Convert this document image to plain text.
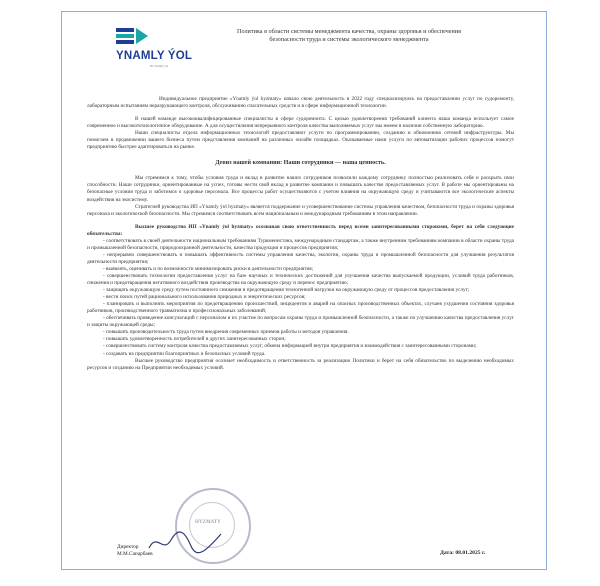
YNAMLY ÝOL
HJ Ynamly ýol
Политика в области системы менеджмента качества, охраны здоровья и обеспечения
безопасности труда и системы экологического менеджмента

Индивидуальное предприятие «Ynamly ýol hyzmaty» начало свою деятельность в 2022 году специализируясь на предоставлении услуг по судоремонту, лабораторным испытаниям неразрушающего контроля, обслуживанию спасательных средств и в сфере информационной технологии.

В нашей команде высококвалифицированные специалисты в сфере судоремонта. С целью удовлетворения требований клиента наша команда использует самое современное и высокотехнологичное оборудование. А для осуществления непрерывного контроля качества выполняемых услуг мы имеем в наличии собственную лабораторию.

Наши специалисты отдела информационных технологий предоставляют услуги по программированию, созданию и обновлению сетевой инфраструктуры. Мы помогаем в продвижении вашего бизнеса путем представления компаний на различных онлайн площадках. Оказываемые нами услуги по автоматизации рабочих процессов помогут предприятию быстрее адаптироваться на рынке.

Девиз нашей компании: Наши сотрудники — наша ценность.

Мы стремимся к тому, чтобы условия труда и вклад в развитие наших сотрудников позволили каждому сотруднику полностью реализовать себя и раскрыть свои способности. Наши сотрудники, ориентированные на успех, готовы нести свой вклад в развитие компании и повышать качество предоставляемых услуг. В работе мы ориентированы на безопасные условия труда и заботимся о здоровье персонала. Все процессы работ осуществляются с учетом влияния на окружающую среду и учитываются все экологические аспекты воздействия на экосистему.

Стратегией руководства ИП «Ynamly ýol hyzmaty» является поддержание и усовершенствование системы управления качеством, безопасности труда и охраны здоровья персонала и экологической безопасности. Мы стремимся соответствовать всем национальным и международным требованиям в этом направлении.

Высшее руководство ИП «Ynamly ýol hyzmaty» осознавая свою ответственность перед всеми заинтересованными сторонами, берет на себя следующие обязательства:

- соответствовать в своей деятельности национальным требованиям Туркменистана, международным стандартам, а также внутренним требованиям компании в области охраны труда и промышленной безопасности, природоохранной деятельности, качества продукции и процессов предприятия;

- непрерывно совершенствовать и повышать эффективность системы управления качества, экологии, охраны труда и промышленной безопасности для улучшения результатов деятельности предприятия;

- выявлять, оценивать и по возможности минимизировать риски в деятельности предприятия;

- совершенствовать технологии предоставления услуг на базе научных и технических достижений для улучшения качества выпускаемой продукции, условий труда работников, снижения и предотвращения негативного воздействия производства на окружающую среду и перенос предприятию;

- защищать окружающую среду путем постоянного снижения и предотвращения техногенной нагрузки на окружающую среду от процессов предоставления услуг;

- вести поиск путей рационального использования природных и энергетических ресурсов;

- планировать и выполнять мероприятия по предотвращению происшествий, инцидентов и аварий на опасных производственных объектах, случаев ухудшения состояния здоровья работников, производственного травматизма и профессиональных заболеваний;

- обеспечивать проведение консультаций с персоналом и их участие по вопросам охраны труда и промышленной безопасности, а также по улучшению качества предоставления услуг и защиты окружающей среды;

- повышать производительность труда путем внедрения современных приемов работы и методов управления.

- повышать удовлетворенность потребителей и других заинтересованных сторон;

- совершенствовать систему контроля качества предоставляемых услуг, обмена информацией внутри предприятия и взаимодействия с заинтересованными сторонами;

- создавать на предприятии благоприятных и безопасных условий труда.

Высшее руководство предприятия осознает необходимость и ответственность за реализацию Политики и берет на себя обязательство по выделению необходимых ресурсов и созданию на Предприятии необходимых условий.

HYZMATY
Директор
М.М.Сапарбаев	Дата: 08.01.2025 г.
